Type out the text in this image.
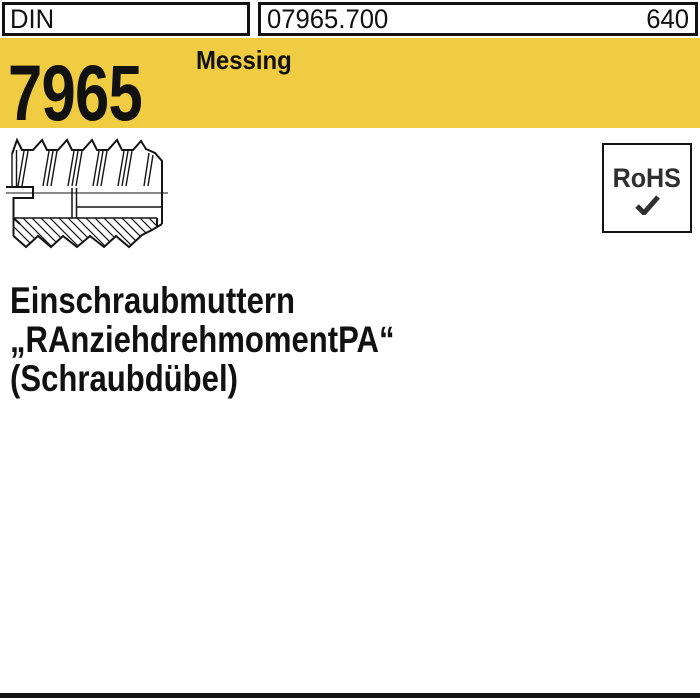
DIN	07965.700	640
7965 Messing
RoHS
Einschraubmuttern
„RAnziehdrehmomentPA“
(Schraubdübel)
